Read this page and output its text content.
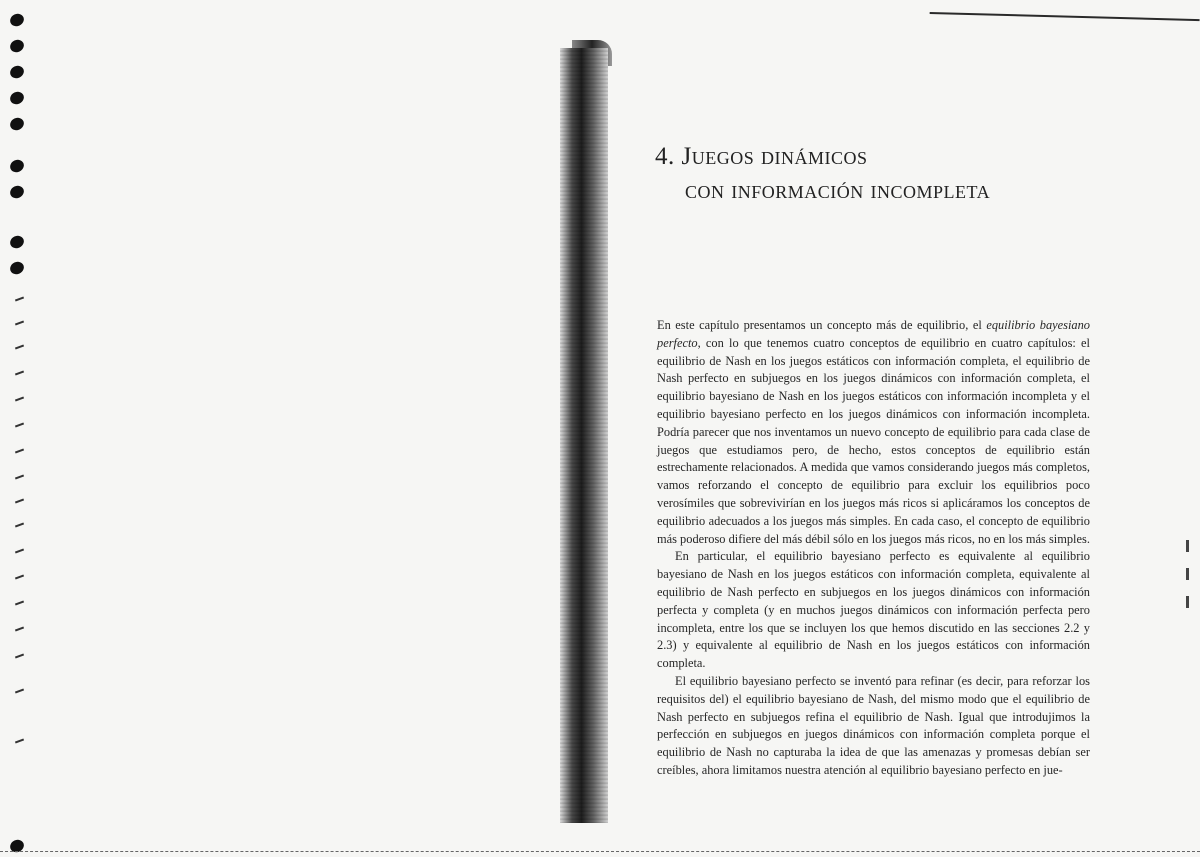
4. Juegos dinámicos
con información incompleta

En este capítulo presentamos un concepto más de equilibrio, el equilibrio bayesiano perfecto, con lo que tenemos cuatro conceptos de equilibrio en cuatro capítulos: el equilibrio de Nash en los juegos estáticos con información completa, el equilibrio de Nash perfecto en subjuegos en los juegos dinámicos con información completa, el equilibrio bayesiano de Nash en los juegos estáticos con información incompleta y el equilibrio bayesiano perfecto en los juegos dinámicos con información incompleta. Podría parecer que nos inventamos un nuevo concepto de equilibrio para cada clase de juegos que estudiamos pero, de hecho, estos conceptos de equilibrio están estrechamente relacionados. A medida que vamos considerando juegos más completos, vamos reforzando el concepto de equilibrio para excluir los equilibrios poco verosímiles que sobrevivirían en los juegos más ricos si aplicáramos los conceptos de equilibrio adecuados a los juegos más simples. En cada caso, el concepto de equilibrio más poderoso difiere del más débil sólo en los juegos más ricos, no en los más simples.

En particular, el equilibrio bayesiano perfecto es equivalente al equilibrio bayesiano de Nash en los juegos estáticos con información completa, equivalente al equilibrio de Nash perfecto en subjuegos en los juegos dinámicos con información perfecta y completa (y en muchos juegos dinámicos con información perfecta pero incompleta, entre los que se incluyen los que hemos discutido en las secciones 2.2 y 2.3) y equivalente al equilibrio de Nash en los juegos estáticos con información completa.

El equilibrio bayesiano perfecto se inventó para refinar (es decir, para reforzar los requisitos del) el equilibrio bayesiano de Nash, del mismo modo que el equilibrio de Nash perfecto en subjuegos refina el equilibrio de Nash. Igual que introdujimos la perfección en subjuegos en juegos dinámicos con información completa porque el equilibrio de Nash no capturaba la idea de que las amenazas y promesas debían ser creíbles, ahora limitamos nuestra atención al equilibrio bayesiano perfecto en jue-
